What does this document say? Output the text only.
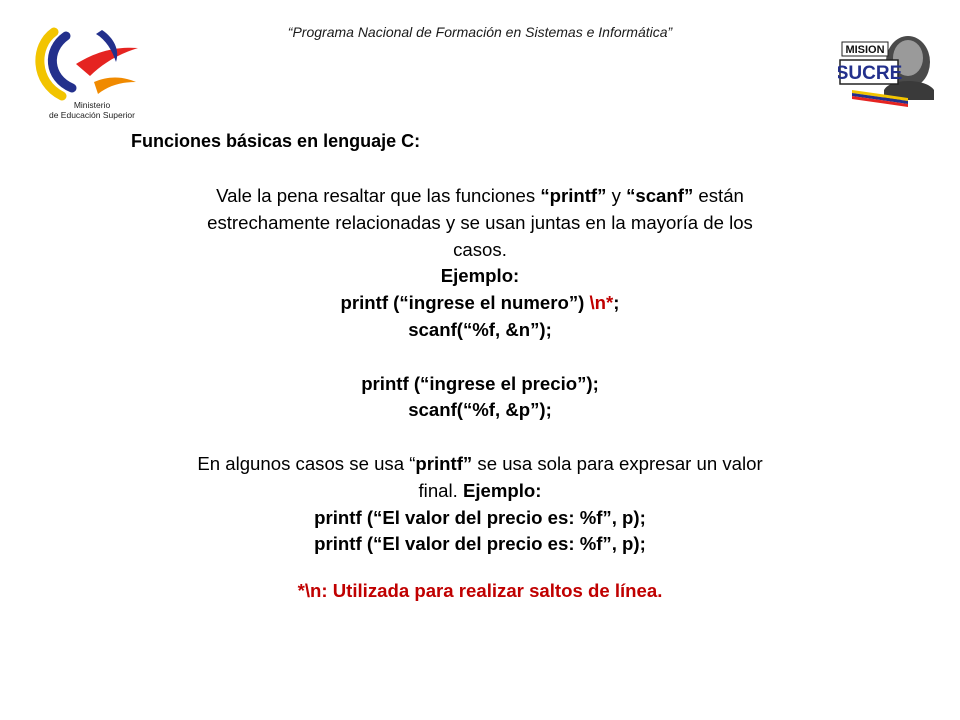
“Programa Nacional de Formación en Sistemas e Informática”
Ministerio
de Educación Superior
MISION
SUCRE
Funciones básicas en lenguaje C:

Vale la pena resaltar que las funciones “printf” y “scanf” están

estrechamente relacionadas y se usan juntas en la mayoría de los

casos.

Ejemplo:

printf (“ingrese el numero”) \n*;

scanf(“%f, &n”);

printf (“ingrese el precio”);

scanf(“%f, &p”);

En algunos casos se usa “printf” se usa sola para expresar un valor

final. Ejemplo:

printf (“El valor del precio es: %f”, p);

printf (“El valor del precio es: %f”, p);

*\n: Utilizada para realizar saltos de línea.
